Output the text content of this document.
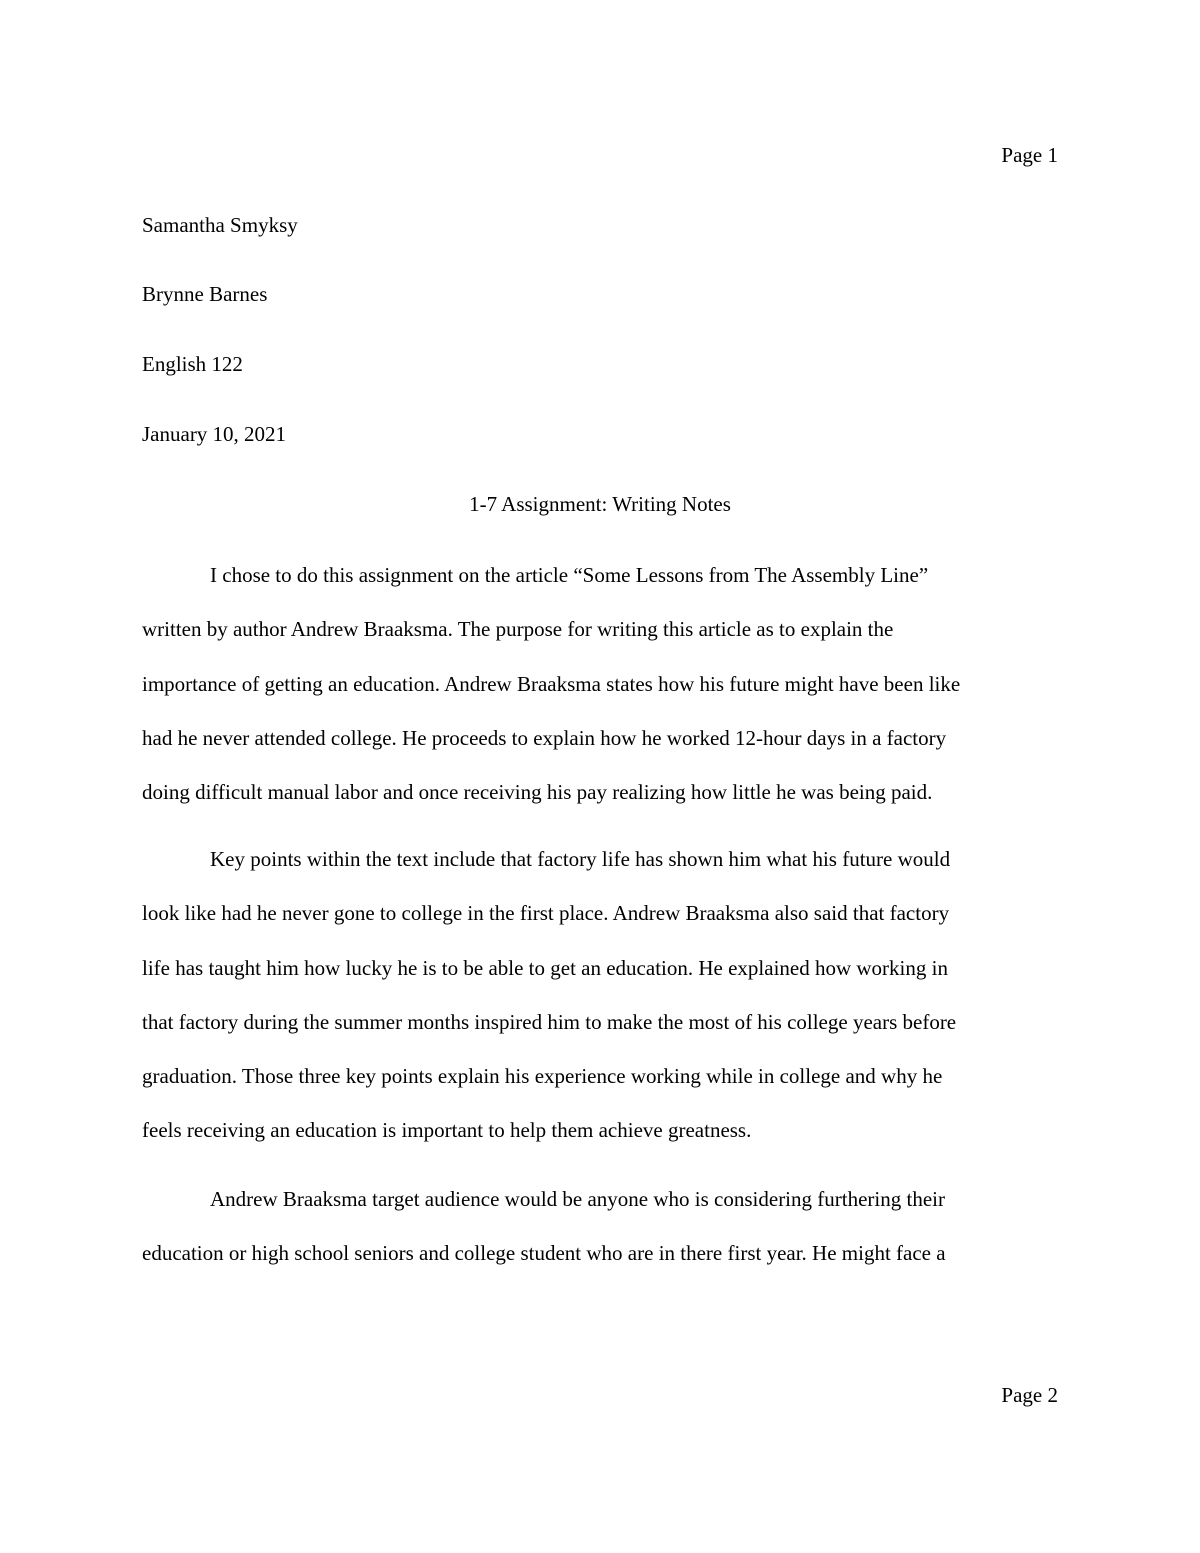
Page 1
Samantha Smyksy
Brynne Barnes
English 122
January 10, 2021
1-7 Assignment: Writing Notes
I chose to do this assignment on the article “Some Lessons from The Assembly Line”
written by author Andrew Braaksma. The purpose for writing this article as to explain the
importance of getting an education. Andrew Braaksma states how his future might have been like
had he never attended college. He proceeds to explain how he worked 12-hour days in a factory
doing difficult manual labor and once receiving his pay realizing how little he was being paid.
Key points within the text include that factory life has shown him what his future would
look like had he never gone to college in the first place. Andrew Braaksma also said that factory
life has taught him how lucky he is to be able to get an education. He explained how working in
that factory during the summer months inspired him to make the most of his college years before
graduation. Those three key points explain his experience working while in college and why he
feels receiving an education is important to help them achieve greatness.
Andrew Braaksma target audience would be anyone who is considering furthering their
education or high school seniors and college student who are in there first year. He might face a
Page 2
